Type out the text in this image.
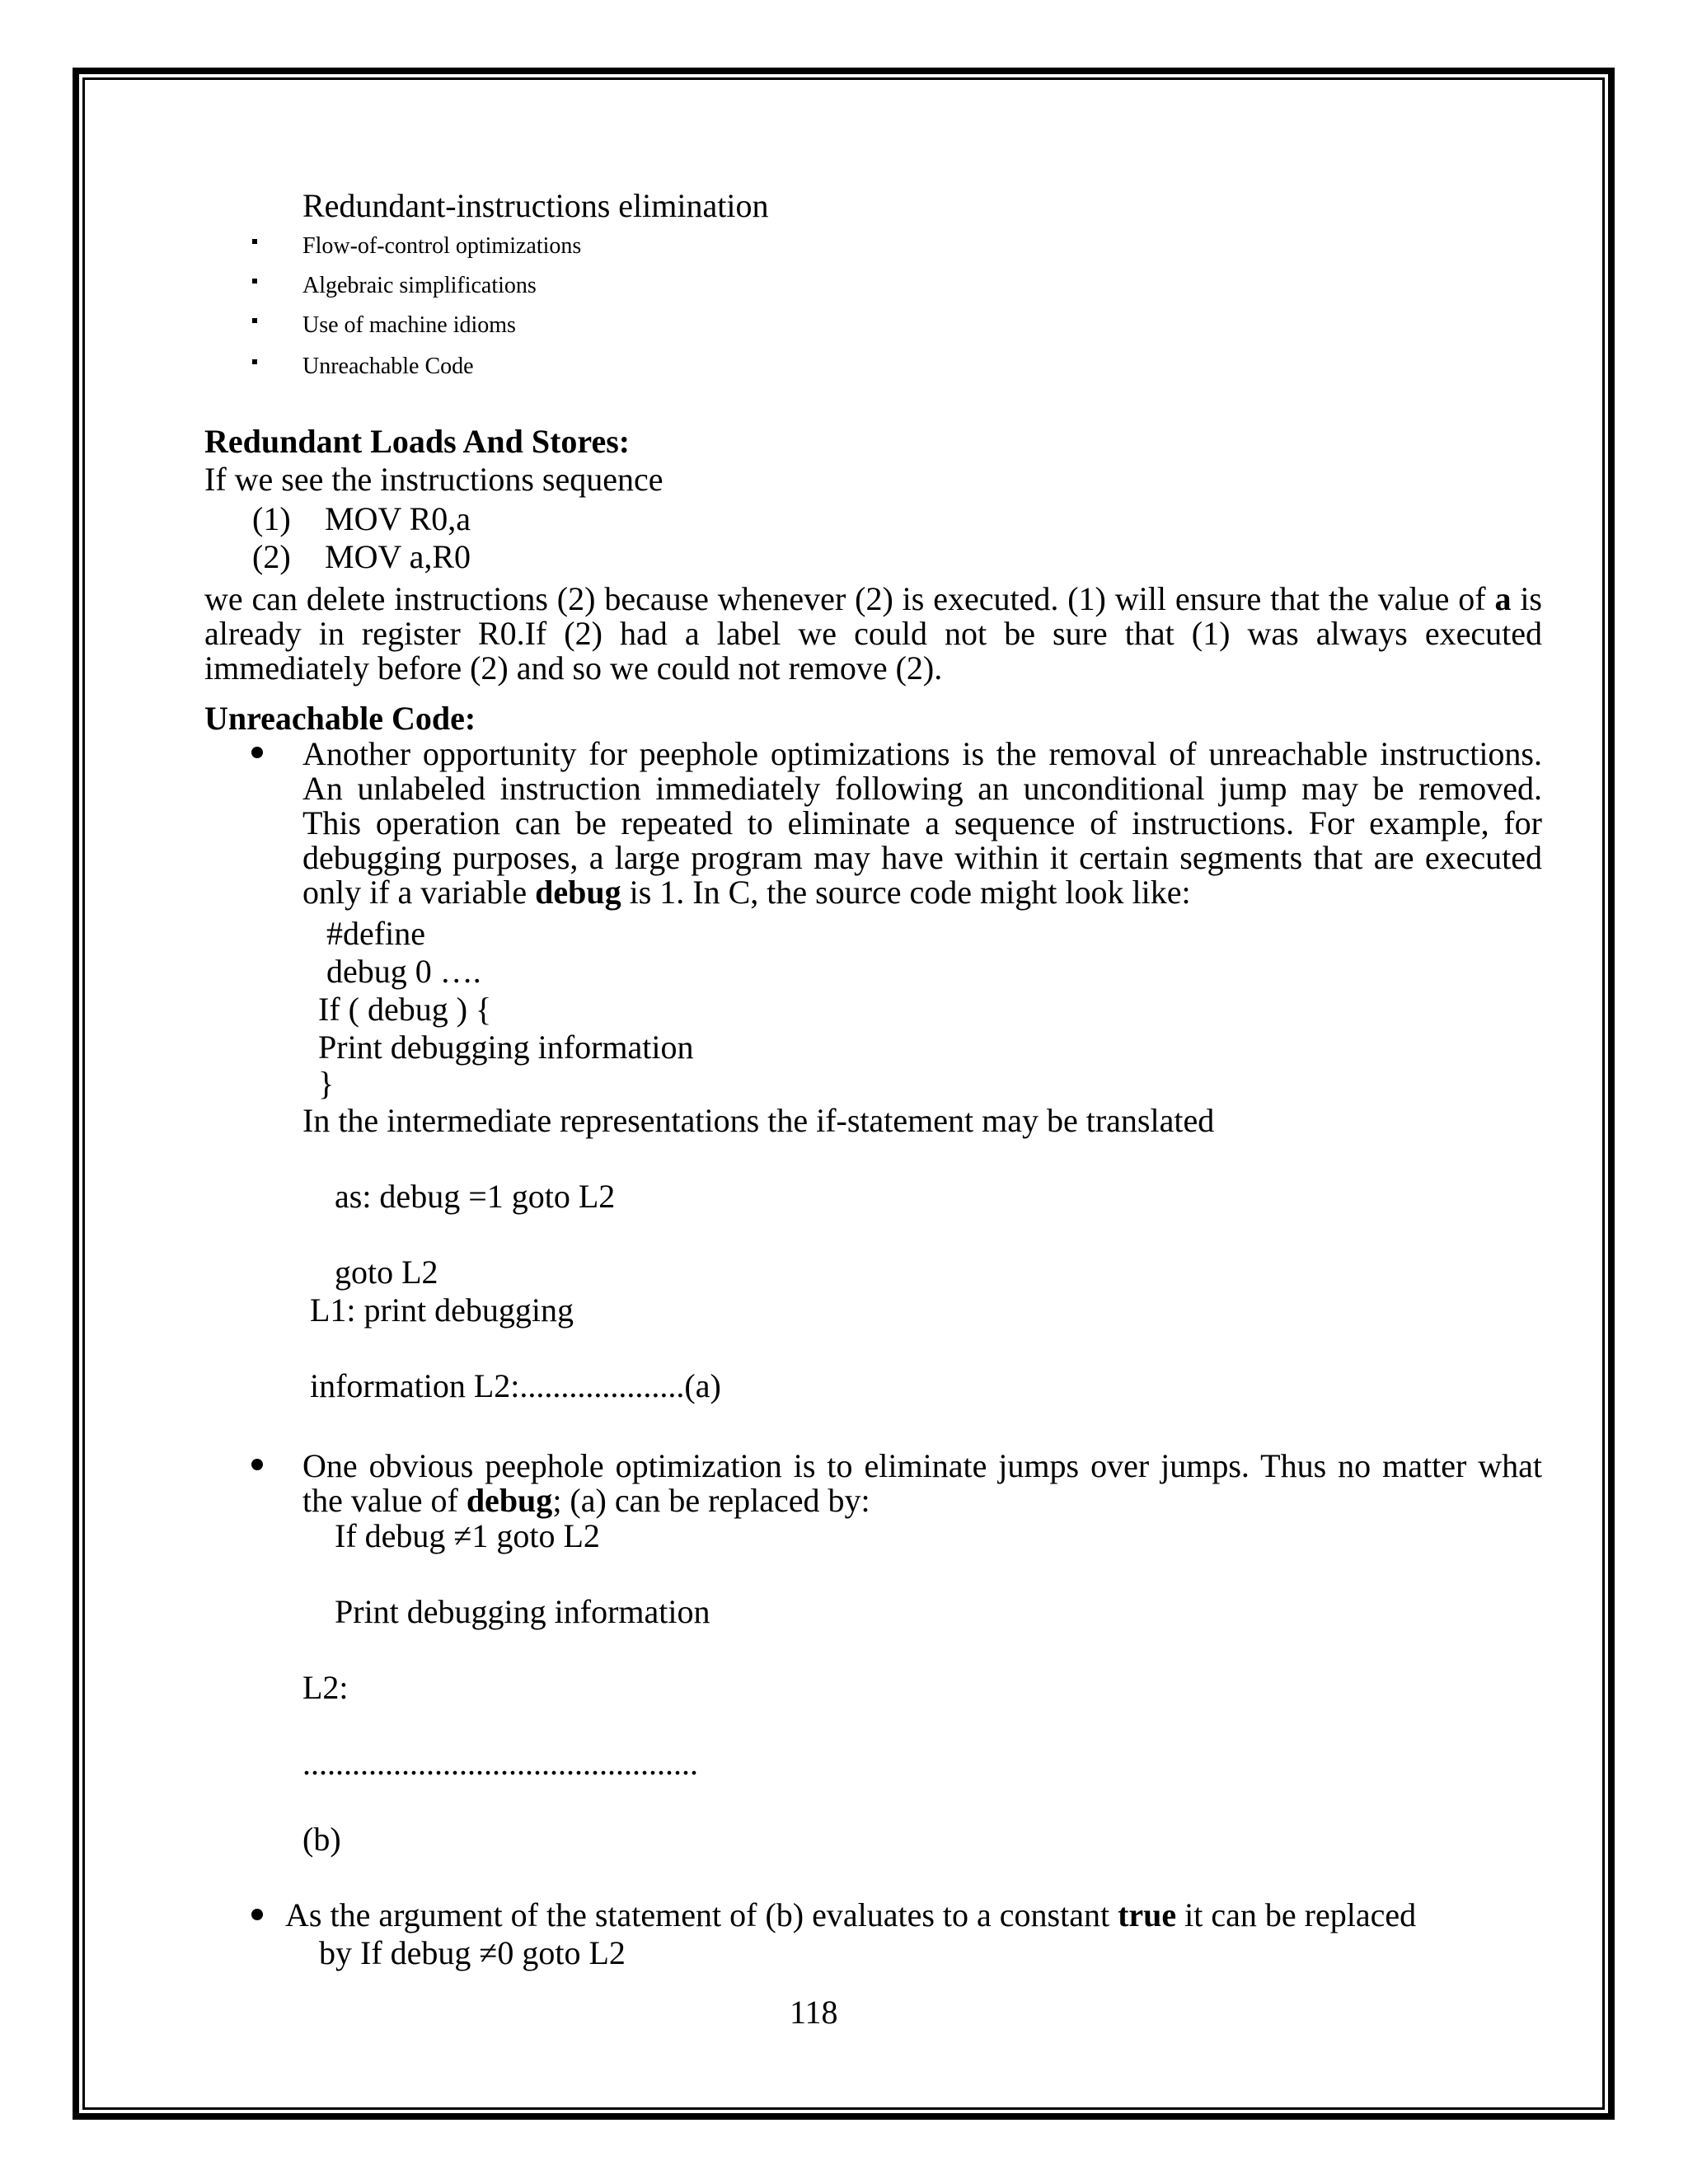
Redundant-instructions elimination
Flow-of-control optimizations
Algebraic simplifications
Use of machine idioms
Unreachable Code
Redundant Loads And Stores:
If we see the instructions sequence
(1) MOV R0,a
(2) MOV a,R0
we can delete instructions (2) because whenever (2) is executed. (1) will ensure that the value of a is already in register R0.If (2) had a label we could not be sure that (1) was always executed immediately before (2) and so we could not remove (2).
Unreachable Code:
Another opportunity for peephole optimizations is the removal of unreachable instructions. An unlabeled instruction immediately following an unconditional jump may be removed. This operation can be repeated to eliminate a sequence of instructions. For example, for debugging purposes, a large program may have within it certain segments that are executed only if a variable debug is 1. In C, the source code might look like:
#define
debug 0 ….
If ( debug ) {
Print debugging information
}
In the intermediate representations the if-statement may be translated
as: debug =1 goto L2
goto L2
L1: print debugging
information L2:....................(a)
One obvious peephole optimization is to eliminate jumps over jumps. Thus no matter what the value of debug; (a) can be replaced by:
If debug ≠1 goto L2
Print debugging information
L2:
................................................
(b)
As the argument of the statement of (b) evaluates to a constant true it can be replaced
by If debug ≠0 goto L2
118
